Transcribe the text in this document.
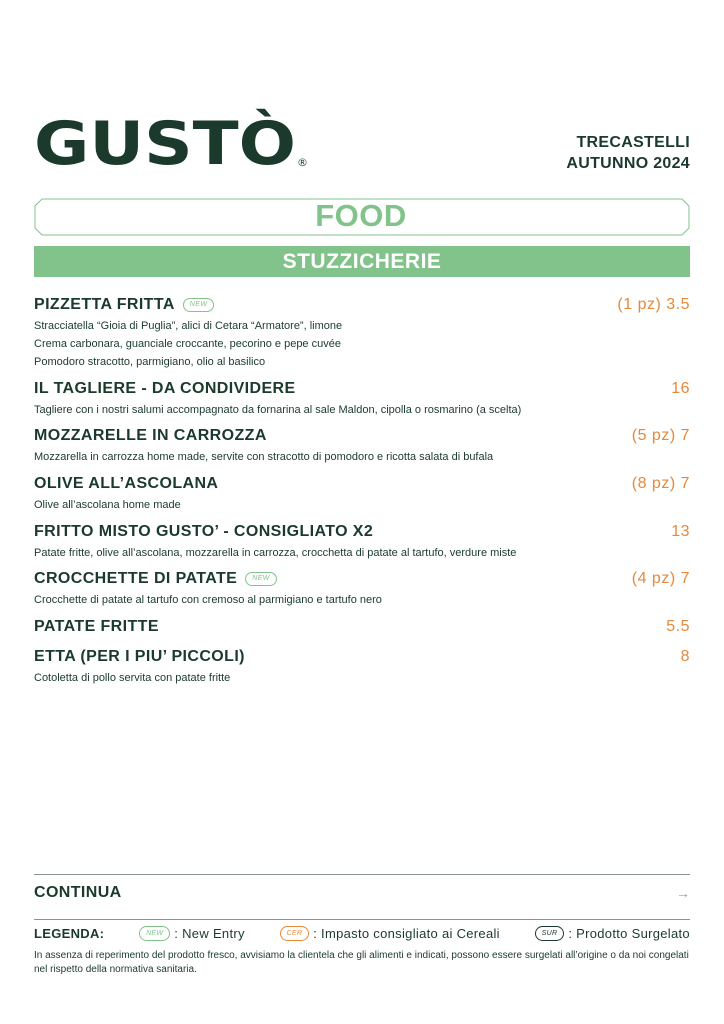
GUSTÒ	®
TRECASTELLI
AUTUNNO 2024
FOOD
STUZZICHERIE
PIZZETTA FRITTA	NEW	(1 pz) 3.5
Stracciatella “Gioia di Puglia”, alici di Cetara “Armatore”, limone
Crema carbonara, guanciale croccante, pecorino e pepe cuvée
Pomodoro stracotto, parmigiano, olio al basilico
IL TAGLIERE - DA CONDIVIDERE	16
Tagliere con i nostri salumi accompagnato da fornarina al sale Maldon, cipolla o rosmarino (a scelta)
MOZZARELLE IN CARROZZA	(5 pz) 7
Mozzarella in carrozza home made, servite con stracotto di pomodoro e ricotta salata di bufala
OLIVE ALL’ASCOLANA	(8 pz) 7
Olive all’ascolana home made
FRITTO MISTO GUSTO’ - CONSIGLIATO X2	13
Patate fritte, olive all’ascolana, mozzarella in carrozza, crocchetta di patate al tartufo, verdure miste
CROCCHETTE DI PATATE	NEW	(4 pz) 7
Crocchette di patate al tartufo con cremoso al parmigiano e tartufo nero
PATATE FRITTE	5.5
ETTA (PER I PIU’ PICCOLI)	8
Cotoletta di pollo servita con patate fritte
CONTINUA	→
LEGENDA:	NEW : New Entry	CER : Impasto consigliato ai Cereali	SUR : Prodotto Surgelato
In assenza di reperimento del prodotto fresco, avvisiamo la clientela che gli alimenti e indicati, possono essere surgelati all’origine o da noi congelati nel rispetto della normativa sanitaria.
